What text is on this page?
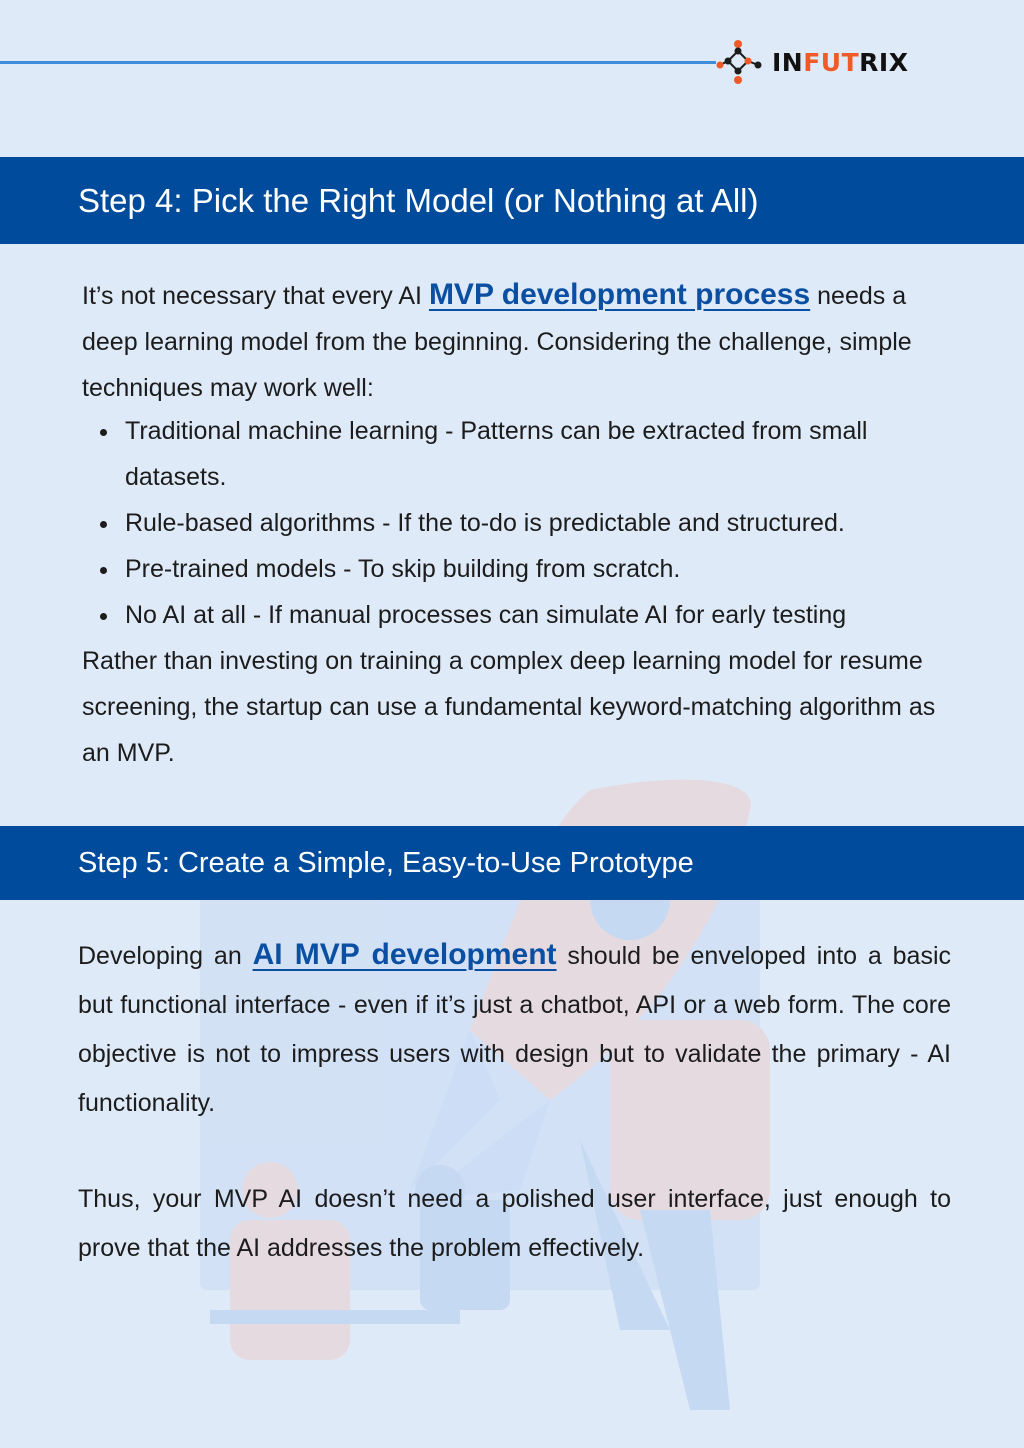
INFUTRIX
Step 4: Pick the Right Model (or Nothing at All)

It’s not necessary that every AI MVP development process needs a deep learning model from the beginning. Considering the challenge, simple techniques may work well:

Traditional machine learning - Patterns can be extracted from small datasets.
Rule-based algorithms - If the to-do is predictable and structured.
Pre-trained models - To skip building from scratch.
No AI at all - If manual processes can simulate AI for early testing

Rather than investing on training a complex deep learning model for resume screening, the startup can use a fundamental keyword-matching algorithm as an MVP.

Step 5: Create a Simple, Easy-to-Use Prototype

Developing an AI MVP development should be enveloped into a basic but functional interface - even if it’s just a chatbot, API or a web form. The core objective is not to impress users with design but to validate the primary - AI functionality.

Thus, your MVP AI doesn’t need a polished user interface, just enough to prove that the AI addresses the problem effectively.
